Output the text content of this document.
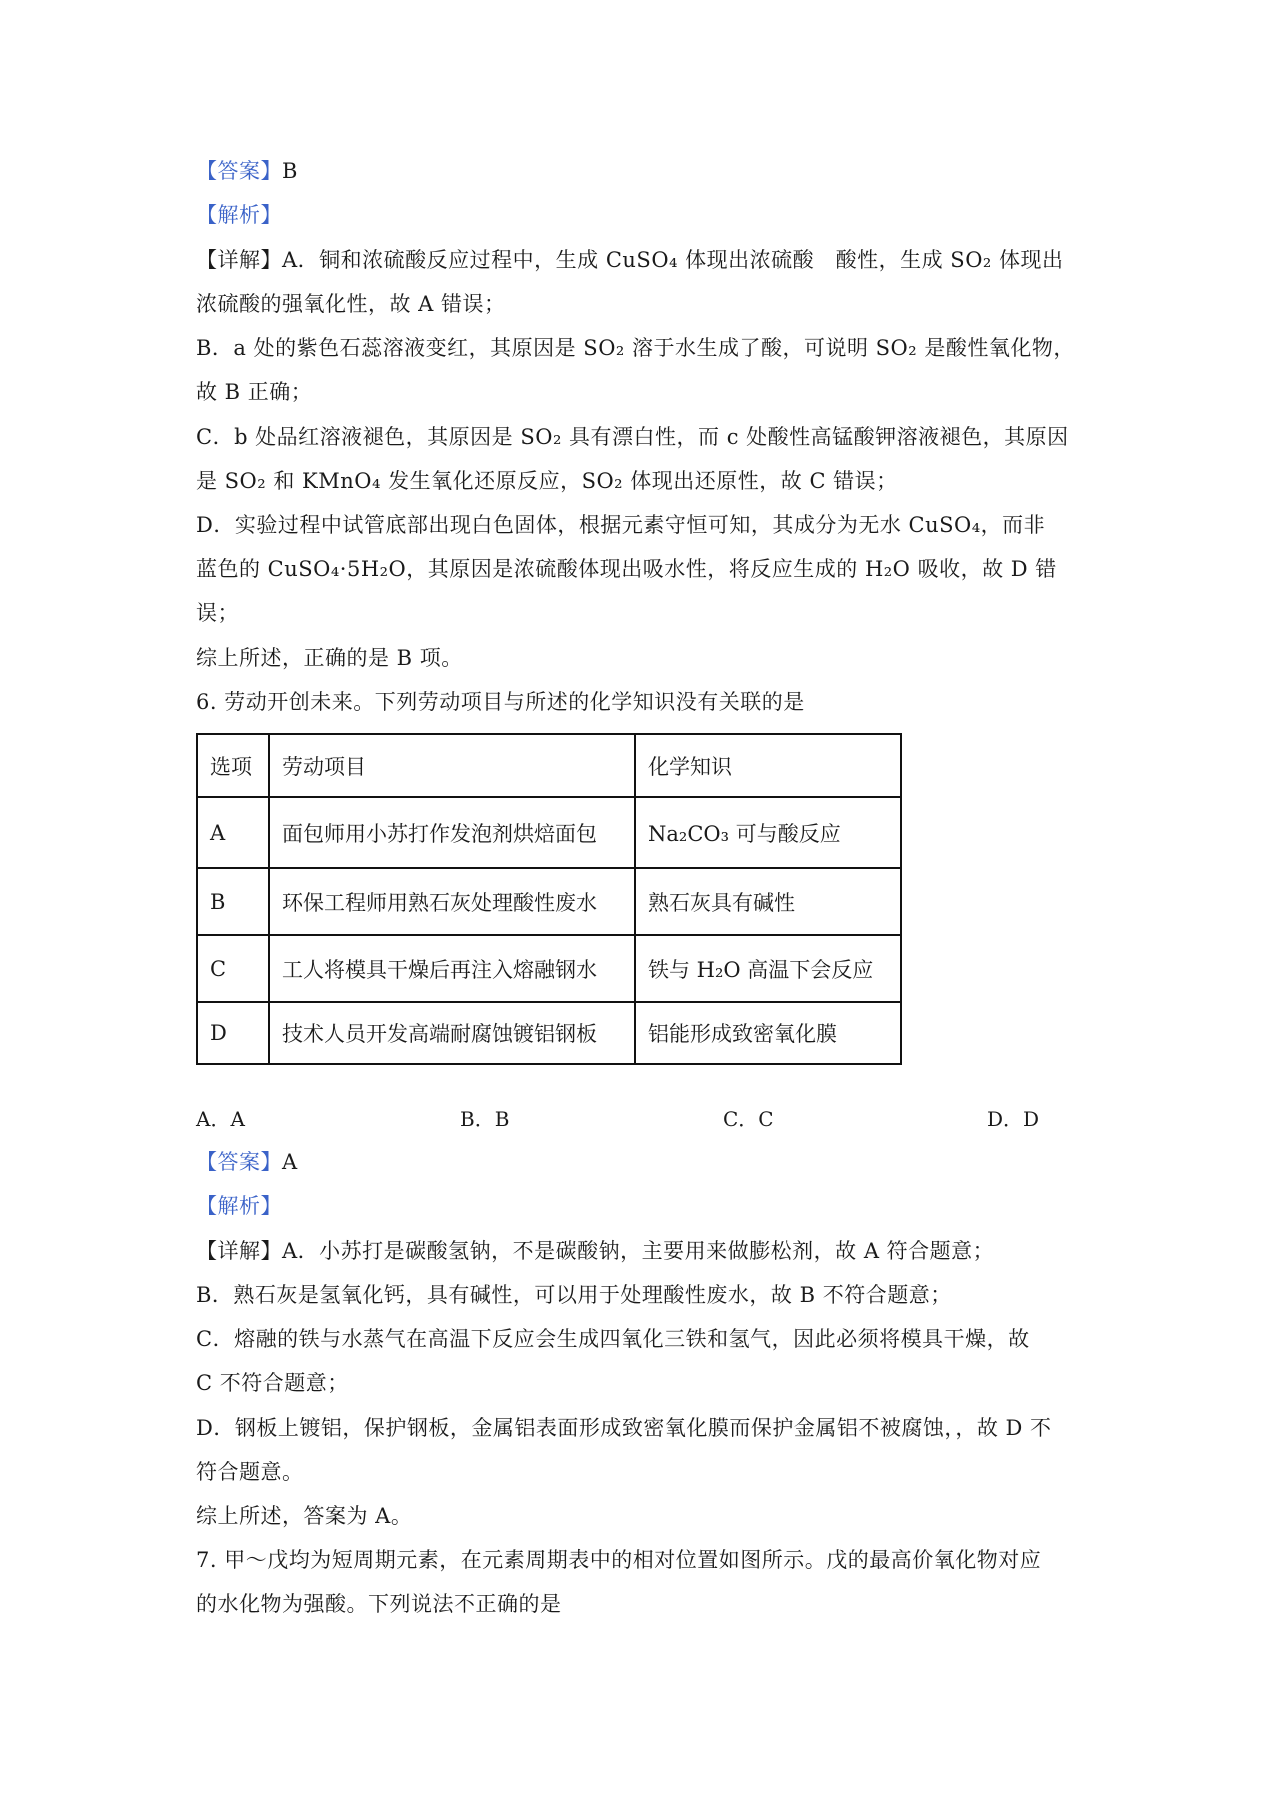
【答案】B
【解析】
【详解】A．铜和浓硫酸反应过程中，生成 CuSO₄ 体现出浓硫酸　酸性，生成 SO₂ 体现出
浓硫酸的强氧化性，故 A 错误；
B．a 处的紫色石蕊溶液变红，其原因是 SO₂ 溶于水生成了酸，可说明 SO₂ 是酸性氧化物，
故 B 正确；
C．b 处品红溶液褪色，其原因是 SO₂ 具有漂白性，而 c 处酸性高锰酸钾溶液褪色，其原因
是 SO₂ 和 KMnO₄ 发生氧化还原反应，SO₂ 体现出还原性，故 C 错误；
D．实验过程中试管底部出现白色固体，根据元素守恒可知，其成分为无水 CuSO₄，而非
蓝色的 CuSO₄·5H₂O，其原因是浓硫酸体现出吸水性，将反应生成的 H₂O 吸收，故 D 错
误；
综上所述，正确的是 B 项。
6. 劳动开创未来。下列劳动项目与所述的化学知识没有关联的是
选项	劳动项目	化学知识
A	面包师用小苏打作发泡剂烘焙面包	Na₂CO₃ 可与酸反应
B	环保工程师用熟石灰处理酸性废水	熟石灰具有碱性
C	工人将模具干燥后再注入熔融钢水	铁与 H₂O 高温下会反应
D	技术人员开发高端耐腐蚀镀铝钢板	铝能形成致密氧化膜
A．A	B．B	C．C	D．D
【答案】A
【解析】
【详解】A．小苏打是碳酸氢钠，不是碳酸钠，主要用来做膨松剂，故 A 符合题意；
B．熟石灰是氢氧化钙，具有碱性，可以用于处理酸性废水，故 B 不符合题意；
C．熔融的铁与水蒸气在高温下反应会生成四氧化三铁和氢气，因此必须将模具干燥，故
C 不符合题意；
D．钢板上镀铝，保护钢板，金属铝表面形成致密氧化膜而保护金属铝不被腐蚀，，故 D 不
符合题意。
综上所述，答案为 A。
7. 甲～戊均为短周期元素，在元素周期表中的相对位置如图所示。戊的最高价氧化物对应
的水化物为强酸。下列说法不正确的是
